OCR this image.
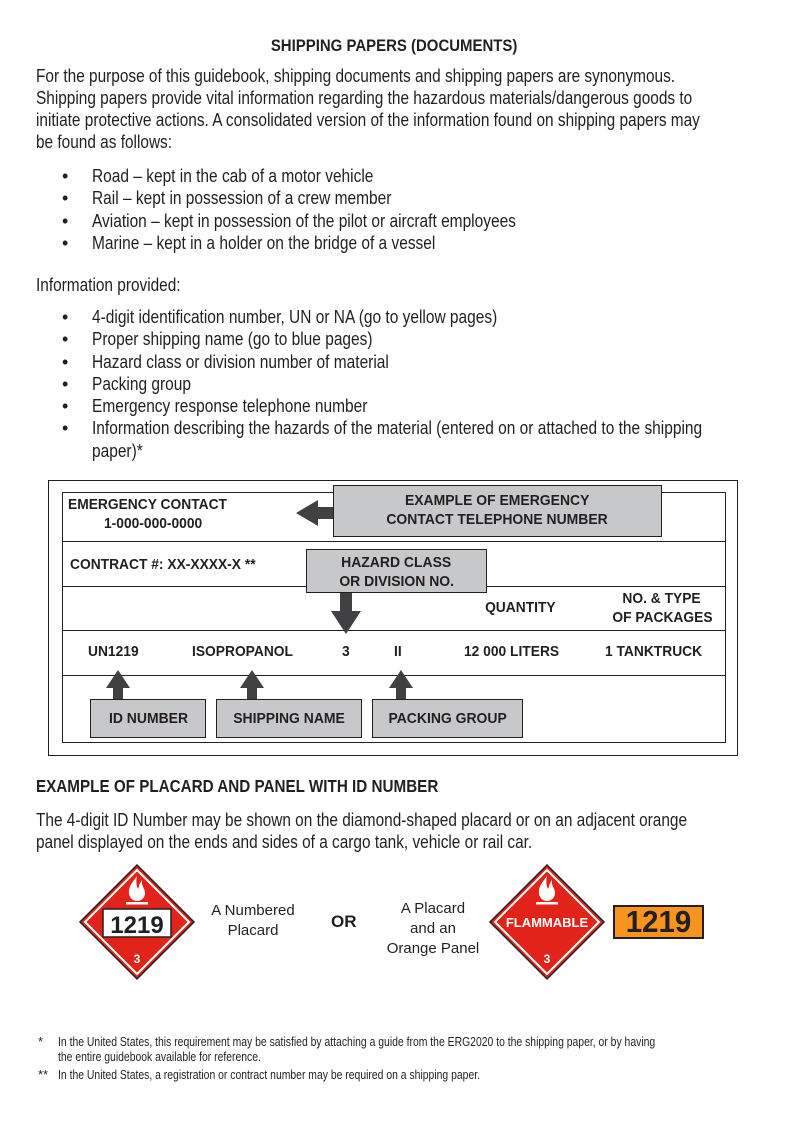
SHIPPING PAPERS (DOCUMENTS)
For the purpose of this guidebook, shipping documents and shipping papers are synonymous.
Shipping papers provide vital information regarding the hazardous materials/dangerous goods to
initiate protective actions. A consolidated version of the information found on shipping papers may
be found as follows:
• Road – kept in the cab of a motor vehicle
• Rail – kept in possession of a crew member
• Aviation – kept in possession of the pilot or aircraft employees
• Marine – kept in a holder on the bridge of a vessel
Information provided:
• 4-digit identification number, UN or NA (go to yellow pages)
• Proper shipping name (go to blue pages)
• Hazard class or division number of material
• Packing group
• Emergency response telephone number
• Information describing the hazards of the material (entered on or attached to the shipping
paper)*
EMERGENCY CONTACT
1-000-000-0000
EXAMPLE OF EMERGENCY
CONTACT TELEPHONE NUMBER
CONTRACT #: XX-XXXX-X **	HAZARD CLASS
OR DIVISION NO.
QUANTITY
NO. & TYPE
OF PACKAGES
UN1219	ISOPROPANOL	3	II	12 000 LITERS	1 TANKTRUCK
ID NUMBER	SHIPPING NAME	PACKING GROUP
EXAMPLE OF PLACARD AND PANEL WITH ID NUMBER
The 4-digit ID Number may be shown on the diamond-shaped placard or on an adjacent orange
panel displayed on the ends and sides of a cargo tank, vehicle or rail car.
1219
3
A Numbered
Placard	OR
A Placard
and an
Orange Panel
FLAMMABLE
3
1219
* In the United States, this requirement may be satisfied by attaching a guide from the ERG2020 to the shipping paper, or by having
the entire guidebook available for reference.
** In the United States, a registration or contract number may be required on a shipping paper.
